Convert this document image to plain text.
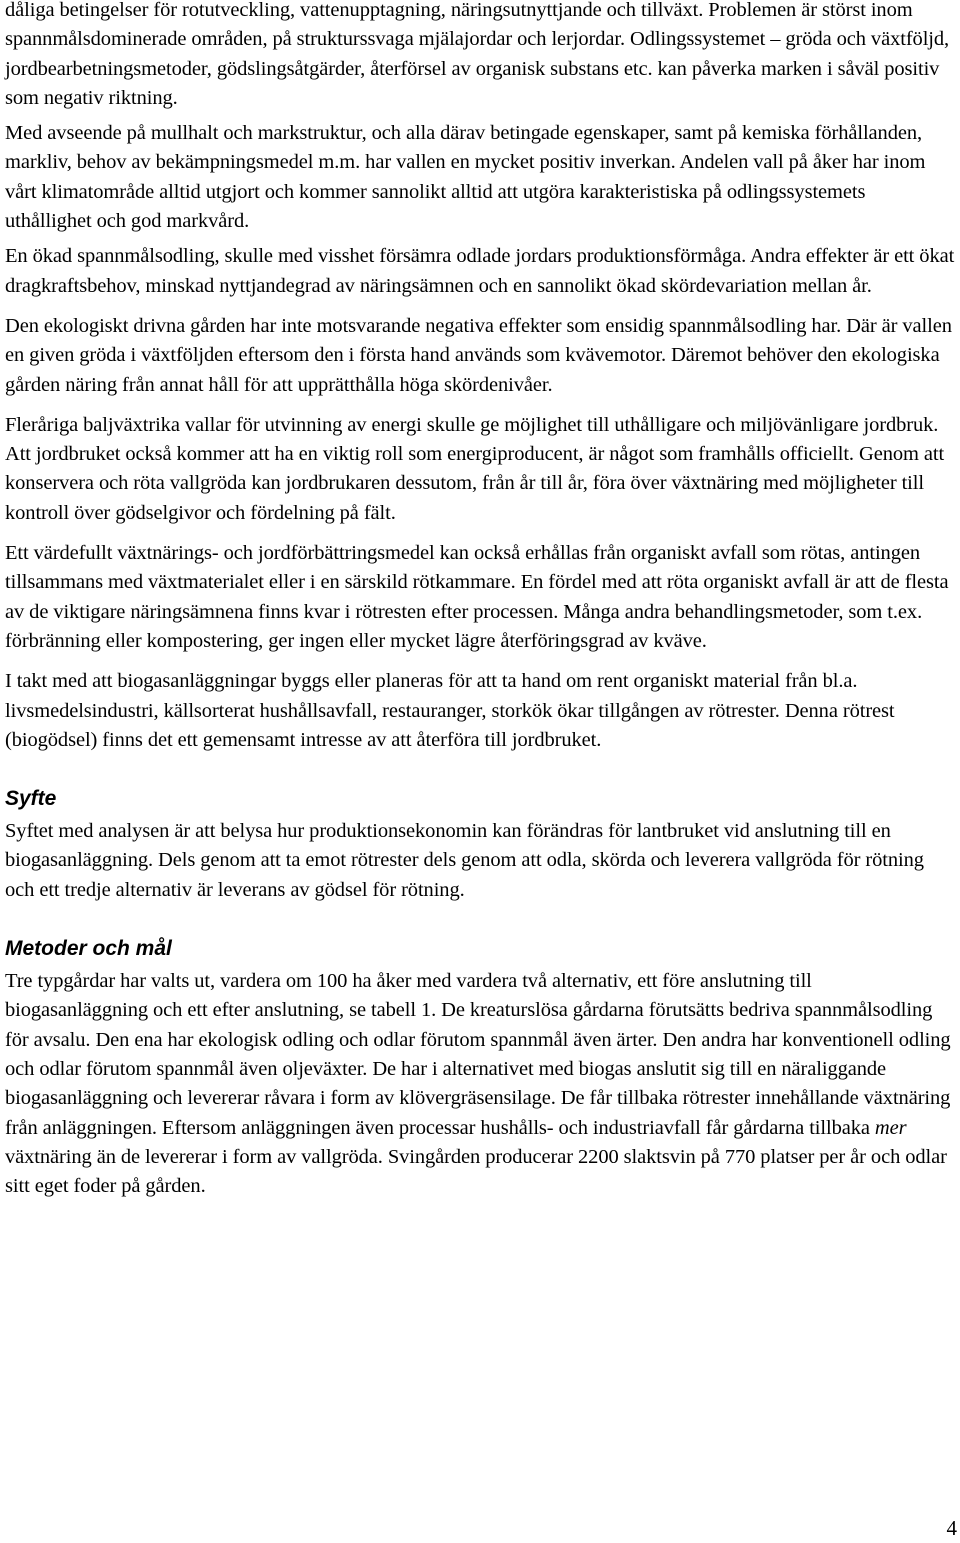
dåliga betingelser för rotutveckling, vattenupptagning, näringsutnyttjande och tillväxt. Problemen är störst inom spannmålsdominerade områden, på strukturssvaga mjälajordar och lerjordar. Odlingssystemet – gröda och växtföljd, jordbearbetningsmetoder, gödslingsåtgärder, återförsel av organisk substans etc. kan påverka marken i såväl positiv som negativ riktning.

Med avseende på mullhalt och markstruktur, och alla därav betingade egenskaper, samt på kemiska förhållanden, markliv, behov av bekämpningsmedel m.m. har vallen en mycket positiv inverkan. Andelen vall på åker har inom vårt klimatområde alltid utgjort och kommer sannolikt alltid att utgöra karakteristiska på odlingssystemets uthållighet och god markvård.

En ökad spannmålsodling, skulle med visshet försämra odlade jordars produktionsförmåga. Andra effekter är ett ökat dragkraftsbehov, minskad nyttjandegrad av näringsämnen och en sannolikt ökad skördevariation mellan år.

Den ekologiskt drivna gården har inte motsvarande negativa effekter som ensidig spannmålsodling har. Där är vallen en given gröda i växtföljden eftersom den i första hand används som kvävemotor. Däremot behöver den ekologiska gården näring från annat håll för att upprätthålla höga skördenivåer.

Fleråriga baljväxtrika vallar för utvinning av energi skulle ge möjlighet till uthålligare och miljövänligare jordbruk. Att jordbruket också kommer att ha en viktig roll som energiproducent, är något som framhålls officiellt. Genom att konservera och röta vallgröda kan jordbrukaren dessutom, från år till år, föra över växtnäring med möjligheter till kontroll över gödselgivor och fördelning på fält.

Ett värdefullt växtnärings- och jordförbättringsmedel kan också erhållas från organiskt avfall som rötas, antingen tillsammans med växtmaterialet eller i en särskild rötkammare. En fördel med att röta organiskt avfall är att de flesta av de viktigare näringsämnena finns kvar i rötresten efter processen. Många andra behandlingsmetoder, som t.ex. förbränning eller kompostering, ger ingen eller mycket lägre återföringsgrad av kväve.

I takt med att biogasanläggningar byggs eller planeras för att ta hand om rent organiskt material från bl.a. livsmedelsindustri, källsorterat hushållsavfall, restauranger, storkök ökar tillgången av rötrester. Denna rötrest (biogödsel) finns det ett gemensamt intresse av att återföra till jordbruket.

Syfte

Syftet med analysen är att belysa hur produktionsekonomin kan förändras för lantbruket vid anslutning till en biogasanläggning. Dels genom att ta emot rötrester dels genom att odla, skörda och leverera vallgröda för rötning och ett tredje alternativ är leverans av gödsel för rötning.

Metoder och mål

Tre typgårdar har valts ut, vardera om 100 ha åker med vardera två alternativ, ett före anslutning till biogasanläggning och ett efter anslutning, se tabell 1. De kreaturslösa gårdarna förutsätts bedriva spannmålsodling för avsalu. Den ena har ekologisk odling och odlar förutom spannmål även ärter. Den andra har konventionell odling och odlar förutom spannmål även oljeväxter. De har i alternativet med biogas anslutit sig till en näraliggande biogasanläggning och levererar råvara i form av klövergräsensilage. De får tillbaka rötrester innehållande växtnäring från anläggningen. Eftersom anläggningen även processar hushålls- och industriavfall får gårdarna tillbaka mer växtnäring än de levererar i form av vallgröda. Svingården producerar 2200 slaktsvin på 770 platser per år och odlar sitt eget foder på gården.

4
